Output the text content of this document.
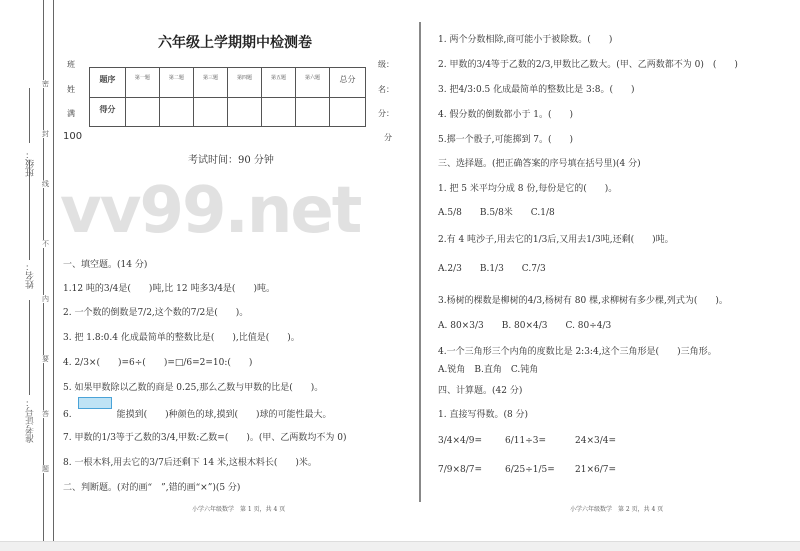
班级：
姓名：
准考证号：
密
封
线
内
不
要
答
题
六年级上学期期中检测卷
班
姓
满
100
级：
名：
分：
分
题序	第一题	第二题	第三题	第四题	第五题	第六题	总分
得分							
考试时间：90 分钟
vv99.net
一、填空题。(14 分)
1.12 吨的3/4是(　　)吨,比 12 吨多3/4是(　　)吨。
2. 一个数的倒数是7/2,这个数的7/2是(　　)。
3. 把 1.8:0.4 化成最简单的整数比是(　　),比值是(　　)。
4. 2/3×(　　)=6÷(　　)=□/6=2=10:(　　)
5. 如果甲数除以乙数的商是 0.25,那么乙数与甲数的比是(　　)。
6.　　　　　能摸到(　　)种颜色的球,摸到(　　)球的可能性最大。
7. 甲数的1/3等于乙数的3/4,甲数:乙数=(　　)。(甲、乙两数均不为 0)
8. 一根木料,用去它的3/7后还剩下 14 米,这根木料长(　　)米。
二、判断题。(对的画“　”,错的画“×”)(5 分)
小学六年级数学　第 1 页，共 4 页
1. 两个分数相除,商可能小于被除数。(　　)
2. 甲数的3/4等于乙数的2/3,甲数比乙数大。(甲、乙两数都不为 0)　(　　)
3. 把4/3:0.5 化成最简单的整数比是 3:8。(　　)
4. 假分数的倒数都小于 1。(　　)
5.掷一个骰子,可能掷到 7。(　　)
三、选择题。(把正确答案的序号填在括号里)(4 分)
1. 把 5 米平均分成 8 份,每份是它的(　　)。
A.5/8　　B.5/8米　　C.1/8
2.有 4 吨沙子,用去它的1/3后,又用去1/3吨,还剩(　　)吨。
A.2/3　　B.1/3　　C.7/3
3.杨树的棵数是柳树的4/3,杨树有 80 棵,求柳树有多少棵,列式为(　　)。
A. 80×3/3　　B. 80×4/3　　C. 80÷4/3
4.一个三角形三个内角的度数比是 2:3:4,这个三角形是(　　)三角形。
A.锐角　B.直角　C.钝角
四、计算题。(42 分)
1. 直接写得数。(8 分)
3/4×4/9=	6/11÷3=	24×3/4=
7/9×8/7=	6/25÷1/5= 21×6/7=
小学六年级数学　第 2 页，共 4 页
